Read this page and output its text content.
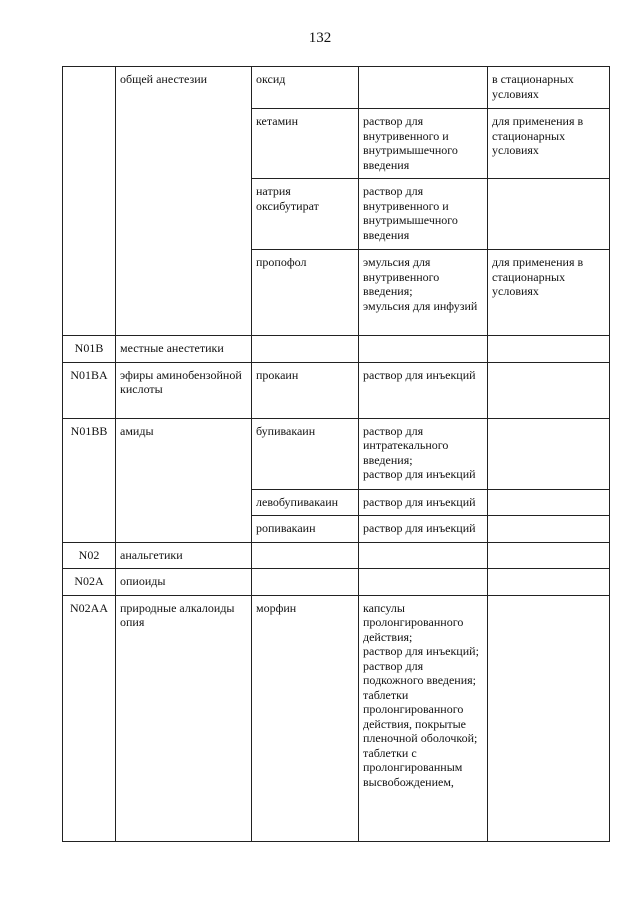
132
	общей анестезии	оксид		в стационарных условиях
		кетамин	раствор для внутривенного и внутримышечного введения	для применения в стационарных условиях
		натрия оксибутират	раствор для внутривенного и внутримышечного введения	
		пропофол	эмульсия для внутривенного введения;
эмульсия для инфузий	для применения в стационарных условиях
N01B	местные анестетики			
N01BA	эфиры аминобензойной кислоты	прокаин	раствор для инъекций	
N01BB	амиды	бупивакаин	раствор для интратекального введения;
раствор для инъекций	
		левобупивакаин	раствор для инъекций	
		ропивакаин	раствор для инъекций	
N02	анальгетики			
N02A	опиоиды			
N02AA	природные алкалоиды опия	морфин	капсулы пролонгированного действия;
раствор для инъекций;
раствор для подкожного введения;
таблетки пролонгированного действия, покрытые пленочной оболочкой;
таблетки с пролонгированным высвобождением,	
